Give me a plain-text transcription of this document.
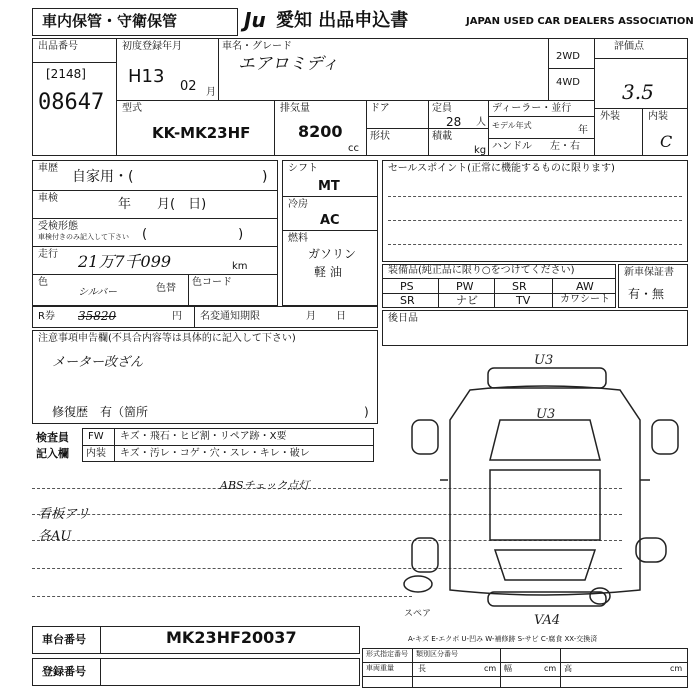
車内保管・守衛保管	Ju 愛知 出品申込書	JAPAN USED CAR DEALERS ASSOCIATION
出品番号
[2148]
08647
初度登録年月
H13 02 月
車名・グレード
エアロミディ	2WD
4WD
評価点
3.5
外装	内装
C
型式
KK-MK23HF
排気量
8200
cc
ドア
形状
定員
28 人
積載
kg
ディーラー・並行
モデル年式	年
ハンドル 左・右
車歴
自家用・(	)
車検	年　　月(　日)
受検形態
車検付きのみ記入して下さい (　　　　　　　)
走行 21万7千099	km
色
シルバー	色替
色コード
R券 35820	円 名変通知期限	月　　日
シフト
MT
冷房
AC
燃料
ガソリン
軽 油
セールスポイント(正常に機能するものに限ります)
装備品(純正品に限り○をつけてください)
PS	PW	SR	AW
SR	ナビ	TV	カワシート
新車保証書
有・無
後日品
注意事項申告欄(不具合内容等は具体的に記入して下さい)
メーター改ざん
修復歴　有（箇所	)
検査員
記入欄
FW キズ・飛石・ヒビ割・リペア跡・X要
内装 キズ・汚レ・コゲ・穴・スレ・キレ・破レ
ABSチェック点灯
看板アリ
各AU
U3
U3
VA4
スペア
A-キズ E-エクボ U-凹み W-補修跡 S-サビ C-腐食 XX-交換済
車台番号	MK23HF20037
登録番号
形式指定番号 類別区分番号
車両重量	長	cm 幅	cm 高	cm
